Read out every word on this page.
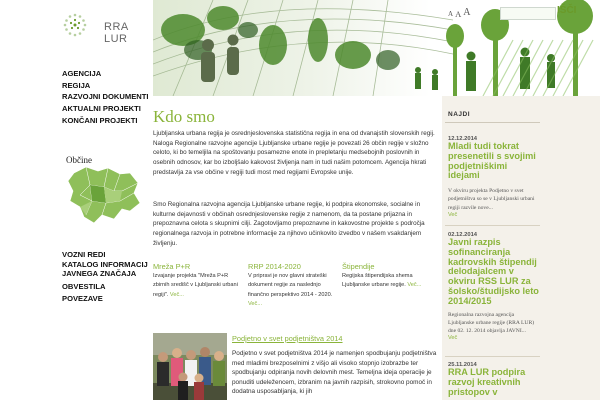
RRA LUR
A A A	IŠČI
AGENCIJA
REGIJA
RAZVOJNI DOKUMENTI
AKTUALNI PROJEKTI
KONČANI PROJEKTI
Občine
VOZNI REDI
KATALOG INFORMACIJ
JAVNEGA ZNAČAJA
OBVESTILA
POVEZAVE
Kdo smo
Ljubljanska urbana regija je osrednjeslovenska statistična regija in ena od dvanajstih slovenskih regij. Naloga Regionalne razvojne agencije Ljubljanske urbane regije je povezati 26 občin regije v složno celoto, ki bo temeljila na spoštovanju posamezne enote in prepletanju medsebojnih poslovnih in osebnih odnosov, kar bo izboljšalo kakovost življenja nam in tudi našim potomcem. Agencija hkrati predstavlja za vse občine v regiji tudi most med regijami Evropske unije.
Smo Regionalna razvojna agencija Ljubljanske urbane regije, ki podpira ekonomske, socialne in kulturne dejavnosti v občinah osrednjeslovenske regije z namenom, da ta postane prijazna in prepoznavna celota s skupnimi cilji. Zagotovljamo prepoznavne in kakovostne projekte s področja regionalnega razvoja in potrebne informacije za njihovo učinkovito izvedbo v našem vsakdanjem življenju.
Mreža P+R
Izvajanje projekta "Mreža P+R zbirnih središč v Ljubljanski urbani regiji". Več...
RRP 2014-2020
V pripravi je nov glavni strateški dokument regije za naslednjo finančno perspektivo 2014 - 2020. Več...
Štipendije
Regijska štipendijska shema Ljubljanske urbane regije. Več...
Podjetno v svet podjetništva 2014
Podjetno v svet podjetništva 2014 je namenjen spodbujanju podjetništva med mladimi brezposelnimi z višjo ali visoko stopnjo izobrazbe ter spodbujanju odpiranja novih delovnih mest. Temeljna ideja operacije je ponuditi udeležencem, izbranim na javnih razpisih, strokovno pomoč in dodatna usposabljanja, ki jih
NAJDI
12.12.2014
Mladi tudi tokrat presenetili s svojimi podjetniškimi idejami
V okviru projekta Podjetno v svet podjetništva so se v Ljubljanski urbani regiji razvile nove...
Več
02.12.2014
Javni razpis sofinanciranja kadrovskih štipendij delodajalcem v okviru RSS LUR za šolsko/študijsko leto 2014/2015
Regionalna razvojna agencija Ljubljanske urbane regije (RRA LUR) dne 02. 12. 2014 objavlja JAVNI...
Več
25.11.2014
RRA LUR podpira razvoj kreativnih pristopov v
